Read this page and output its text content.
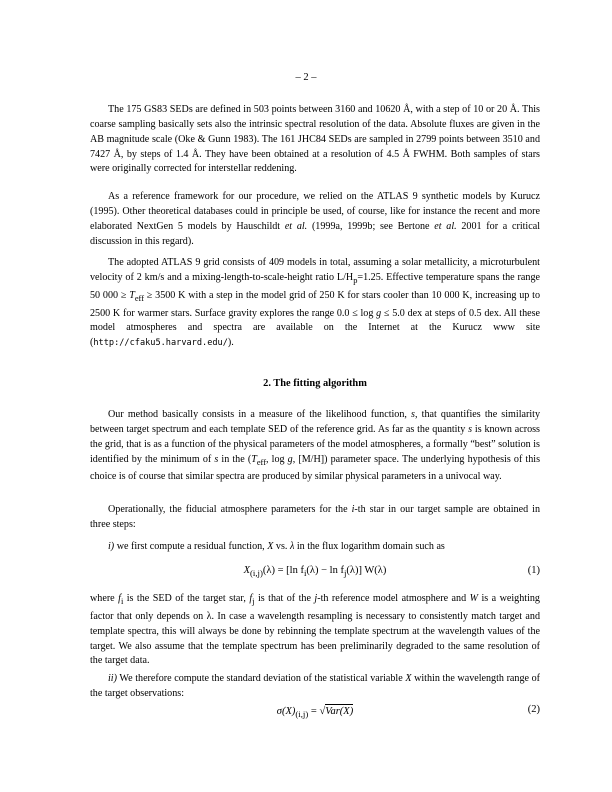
– 2 –

The 175 GS83 SEDs are defined in 503 points between 3160 and 10620 Å, with a step of 10 or 20 Å. This coarse sampling basically sets also the intrinsic spectral resolution of the data. Absolute fluxes are given in the AB magnitude scale (Oke & Gunn 1983). The 161 JHC84 SEDs are sampled in 2799 points between 3510 and 7427 Å, by steps of 1.4 Å. They have been obtained at a resolution of 4.5 Å FWHM. Both samples of stars were originally corrected for interstellar reddening.

As a reference framework for our procedure, we relied on the ATLAS 9 synthetic models by Kurucz (1995). Other theoretical databases could in principle be used, of course, like for instance the recent and more elaborated NextGen 5 models by Hauschildt et al. (1999a, 1999b; see Bertone et al. 2001 for a critical discussion in this regard).

The adopted ATLAS 9 grid consists of 409 models in total, assuming a solar metallicity, a microturbulent velocity of 2 km/s and a mixing-length-to-scale-height ratio $L/H_p=1.25$. Effective temperature spans the range 50 $000 \ge T_{eff} \ge 3500$ K with a step in the model grid of 250 K for stars cooler than 10 000 K, increasing up to 2500 K for warmer stars. Surface gravity explores the range 0.0 ≤ log g ≤ 5.0 dex at steps of 0.5 dex. All these model atmospheres and spectra are available on the Internet at the Kurucz www site (http://cfaku5.harvard.edu/).

2. The fitting algorithm

Our method basically consists in a measure of the likelihood function, s, that quantifies the similarity between target spectrum and each template SED of the reference grid. As far as the quantity s is known across the grid, that is as a function of the physical parameters of the model atmospheres, a formally “best” solution is identified by the minimum of s in the ($T_{eff}$, log g, [M/H]) parameter space. The underlying hypothesis of this choice is of course that similar spectra are produced by similar physical parameters in a univocal way.

Operationally, the fiducial atmosphere parameters for the i-th star in our target sample are obtained in three steps:

i) we first compute a residual function, X vs. λ in the flux logarithm domain such as

$X_{(i,j)}(\lambda) = [\ln$ $f_i(\lambda) - \ln f_j(\lambda)$] W(λ)	(1)

where $f_i$ is the SED of the target star, $f_j$ is that of the j-th reference model atmosphere and W is a weighting factor that only depends on λ. In case a wavelength resampling is necessary to consistently match target and template spectra, this will always be done by rebinning the template spectrum at the wavelength values of the target. We also assume that the template spectrum has been preliminarily degraded to the same resolution of the target data.

ii) We therefore compute the standard deviation of the statistical variable X within the wavelength range of the target observations:

$\sigma(X)_{(i,j)} = √Var(X)$	(2)
